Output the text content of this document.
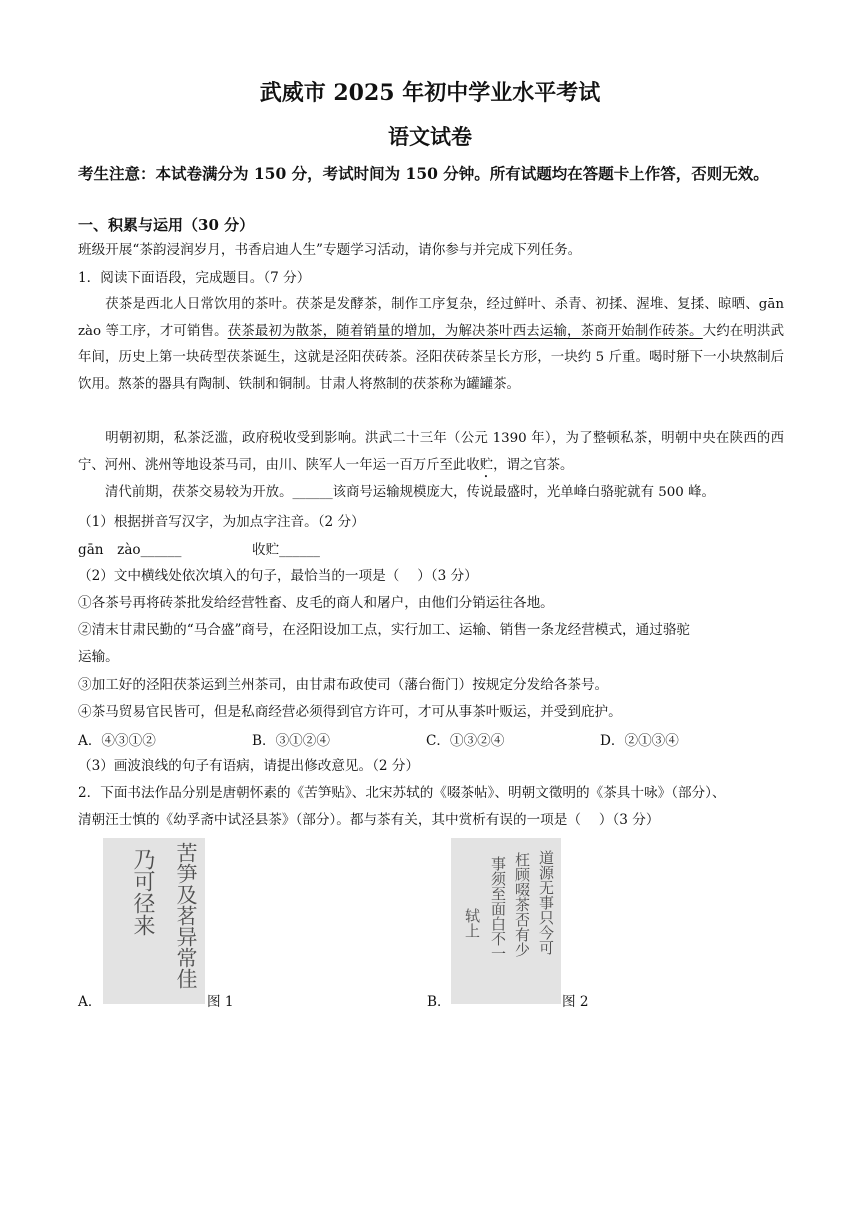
武威市 2025 年初中学业水平考试
语文试卷
考生注意：本试卷满分为 150 分，考试时间为 150 分钟。所有试题均在答题卡上作答，否则无效。
一、积累与运用（30 分）
班级开展“茶韵浸润岁月，书香启迪人生”专题学习活动，请你参与并完成下列任务。
1．阅读下面语段，完成题目。（7 分）
茯茶是西北人日常饮用的茶叶。茯茶是发酵茶，制作工序复杂，经过鲜叶、杀青、初揉、渥堆、复揉、晾晒、gān　zào 等工序，才可销售。茯茶最初为散茶，随着销量的增加，为解决茶叶西去运输，茶商开始制作砖茶。大约在明洪武年间，历史上第一块砖型茯茶诞生，这就是泾阳茯砖茶。泾阳茯砖茶呈长方形，一块约 5 斤重。喝时掰下一小块熬制后饮用。熬茶的器具有陶制、铁制和铜制。甘肃人将熬制的茯茶称为罐罐茶。
明朝初期，私茶泛滥，政府税收受到影响。洪武二十三年（公元 1390 年），为了整顿私茶，明朝中央在陕西的西宁、河州、洮州等地设茶马司，由川、陕军人一年运一百万斤至此收贮，谓之官茶。
清代前期，茯茶交易较为开放。______该商号运输规模庞大，传说最盛时，光单峰白骆驼就有 500 峰。
（1）根据拼音写汉字，为加点字注音。（2 分）
gān　zào______	收贮______
（2）文中横线处依次填入的句子，最恰当的一项是（　 ）（3 分）
①各茶号再将砖茶批发给经营牲畜、皮毛的商人和屠户，由他们分销运往各地。
②清末甘肃民勤的“马合盛”商号，在泾阳设加工点，实行加工、运输、销售一条龙经营模式，通过骆驼
运输。
③加工好的泾阳茯茶运到兰州茶司，由甘肃布政使司（藩台衙门）按规定分发给各茶号。
④茶马贸易官民皆可，但是私商经营必须得到官方许可，才可从事茶叶贩运，并受到庇护。
A．④③①②	B．③①②④	C．①③②④	D．②①③④
（3）画波浪线的句子有语病，请提出修改意见。（2 分）
2．下面书法作品分别是唐朝怀素的《苦笋贴》、北宋苏轼的《啜茶帖》、明朝文徵明的《茶具十咏》（部分）、
清朝汪士慎的《幼孚斋中试泾县茶》（部分）。都与茶有关，其中赏析有误的一项是（　 ）（3 分）
A．
苦笋及茗异常佳
乃可径来
图 1	B．
道源无事只今可
枉顾啜茶否有少
事须至面白不一
轼上
图 2
